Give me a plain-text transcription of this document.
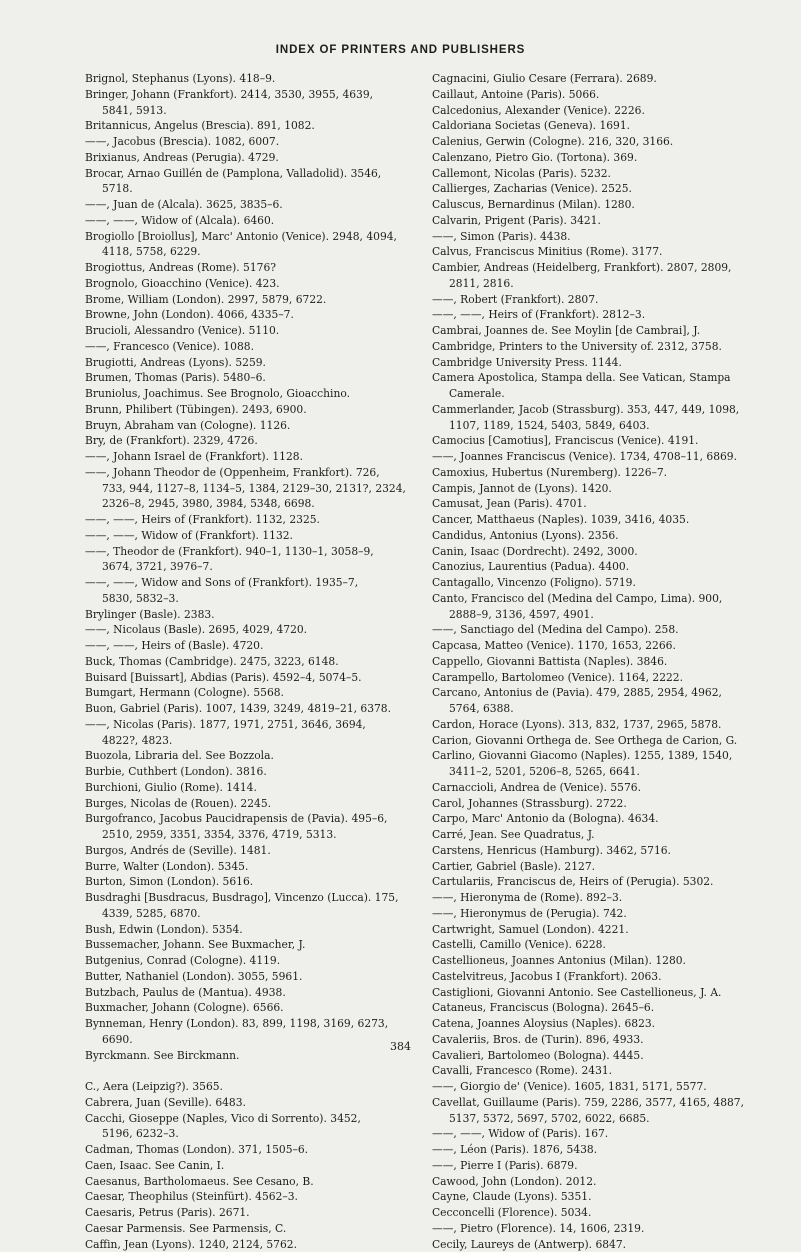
INDEX OF PRINTERS AND PUBLISHERS
Brignol, Stephanus (Lyons). 418–9.
Bringer, Johann (Frankfort). 2414, 3530, 3955, 4639,
5841, 5913.
Britannicus, Angelus (Brescia). 891, 1082.
——, Jacobus (Brescia). 1082, 6007.
Brixianus, Andreas (Perugia). 4729.
Brocar, Arnao Guillén de (Pamplona, Valladolid). 3546,
5718.
——, Juan de (Alcala). 3625, 3835–6.
——, ——, Widow of (Alcala). 6460.
Brogiollo [Broiollus], Marc' Antonio (Venice). 2948, 4094,
4118, 5758, 6229.
Brogiottus, Andreas (Rome). 5176?
Brognolo, Gioacchino (Venice). 423.
Brome, William (London). 2997, 5879, 6722.
Browne, John (London). 4066, 4335–7.
Brucioli, Alessandro (Venice). 5110.
——, Francesco (Venice). 1088.
Brugiotti, Andreas (Lyons). 5259.
Brumen, Thomas (Paris). 5480–6.
Bruniolus, Joachimus. See Brognolo, Gioacchino.
Brunn, Philibert (Tübingen). 2493, 6900.
Bruyn, Abraham van (Cologne). 1126.
Bry, de (Frankfort). 2329, 4726.
——, Johann Israel de (Frankfort). 1128.
——, Johann Theodor de (Oppenheim, Frankfort). 726,
733, 944, 1127–8, 1134–5, 1384, 2129–30, 2131?, 2324,
2326–8, 2945, 3980, 3984, 5348, 6698.
——, ——, Heirs of (Frankfort). 1132, 2325.
——, ——, Widow of (Frankfort). 1132.
——, Theodor de (Frankfort). 940–1, 1130–1, 3058–9,
3674, 3721, 3976–7.
——, ——, Widow and Sons of (Frankfort). 1935–7,
5830, 5832–3.
Brylinger (Basle). 2383.
——, Nicolaus (Basle). 2695, 4029, 4720.
——, ——, Heirs of (Basle). 4720.
Buck, Thomas (Cambridge). 2475, 3223, 6148.
Buisard [Buissart], Abdias (Paris). 4592–4, 5074–5.
Bumgart, Hermann (Cologne). 5568.
Buon, Gabriel (Paris). 1007, 1439, 3249, 4819–21, 6378.
——, Nicolas (Paris). 1877, 1971, 2751, 3646, 3694,
4822?, 4823.
Buozola, Libraria del. See Bozzola.
Burbie, Cuthbert (London). 3816.
Burchioni, Giulio (Rome). 1414.
Burges, Nicolas de (Rouen). 2245.
Burgofranco, Jacobus Paucidrapensis de (Pavia). 495–6,
2510, 2959, 3351, 3354, 3376, 4719, 5313.
Burgos, Andrés de (Seville). 1481.
Burre, Walter (London). 5345.
Burton, Simon (London). 5616.
Busdraghi [Busdracus, Busdrago], Vincenzo (Lucca). 175,
4339, 5285, 6870.
Bush, Edwin (London). 5354.
Bussemacher, Johann. See Buxmacher, J.
Butgenius, Conrad (Cologne). 4119.
Butter, Nathaniel (London). 3055, 5961.
Butzbach, Paulus de (Mantua). 4938.
Buxmacher, Johann (Cologne). 6566.
Bynneman, Henry (London). 83, 899, 1198, 3169, 6273,
6690.
Byrckmann. See Birckmann.
C., Aera (Leipzig?). 3565.
Cabrera, Juan (Seville). 6483.
Cacchi, Gioseppe (Naples, Vico di Sorrento). 3452,
5196, 6232–3.
Cadman, Thomas (London). 371, 1505–6.
Caen, Isaac. See Canin, I.
Caesanus, Bartholomaeus. See Cesano, B.
Caesar, Theophilus (Steinfürt). 4562–3.
Caesaris, Petrus (Paris). 2671.
Caesar Parmensis. See Parmensis, C.
Caffin, Jean (Lyons). 1240, 2124, 5762.
Cagnacini, Giulio Cesare (Ferrara). 2689.
Caillaut, Antoine (Paris). 5066.
Calcedonius, Alexander (Venice). 2226.
Caldoriana Societas (Geneva). 1691.
Calenius, Gerwin (Cologne). 216, 320, 3166.
Calenzano, Pietro Gio. (Tortona). 369.
Callemont, Nicolas (Paris). 5232.
Callierges, Zacharias (Venice). 2525.
Caluscus, Bernardinus (Milan). 1280.
Calvarin, Prigent (Paris). 3421.
——, Simon (Paris). 4438.
Calvus, Franciscus Minitius (Rome). 3177.
Cambier, Andreas (Heidelberg, Frankfort). 2807, 2809,
2811, 2816.
——, Robert (Frankfort). 2807.
——, ——, Heirs of (Frankfort). 2812–3.
Cambrai, Joannes de. See Moylin [de Cambrai], J.
Cambridge, Printers to the University of. 2312, 3758.
Cambridge University Press. 1144.
Camera Apostolica, Stampa della. See Vatican, Stampa
Camerale.
Cammerlander, Jacob (Strassburg). 353, 447, 449, 1098,
1107, 1189, 1524, 5403, 5849, 6403.
Camocius [Camotius], Franciscus (Venice). 4191.
——, Joannes Franciscus (Venice). 1734, 4708–11, 6869.
Camoxius, Hubertus (Nuremberg). 1226–7.
Campis, Jannot de (Lyons). 1420.
Camusat, Jean (Paris). 4701.
Cancer, Matthaeus (Naples). 1039, 3416, 4035.
Candidus, Antonius (Lyons). 2356.
Canin, Isaac (Dordrecht). 2492, 3000.
Canozius, Laurentius (Padua). 4400.
Cantagallo, Vincenzo (Foligno). 5719.
Canto, Francisco del (Medina del Campo, Lima). 900,
2888–9, 3136, 4597, 4901.
——, Sanctiago del (Medina del Campo). 258.
Capcasa, Matteo (Venice). 1170, 1653, 2266.
Cappello, Giovanni Battista (Naples). 3846.
Carampello, Bartolomeo (Venice). 1164, 2222.
Carcano, Antonius de (Pavia). 479, 2885, 2954, 4962,
5764, 6388.
Cardon, Horace (Lyons). 313, 832, 1737, 2965, 5878.
Carion, Giovanni Orthega de. See Orthega de Carion, G.
Carlino, Giovanni Giacomo (Naples). 1255, 1389, 1540,
3411–2, 5201, 5206–8, 5265, 6641.
Carnaccioli, Andrea de (Venice). 5576.
Carol, Johannes (Strassburg). 2722.
Carpo, Marc' Antonio da (Bologna). 4634.
Carré, Jean. See Quadratus, J.
Carstens, Henricus (Hamburg). 3462, 5716.
Cartier, Gabriel (Basle). 2127.
Cartulariis, Franciscus de, Heirs of (Perugia). 5302.
——, Hieronyma de (Rome). 892–3.
——, Hieronymus de (Perugia). 742.
Cartwright, Samuel (London). 4221.
Castelli, Camillo (Venice). 6228.
Castellioneus, Joannes Antonius (Milan). 1280.
Castelvitreus, Jacobus I (Frankfort). 2063.
Castiglioni, Giovanni Antonio. See Castellioneus, J. A.
Cataneus, Franciscus (Bologna). 2645–6.
Catena, Joannes Aloysius (Naples). 6823.
Cavaleriis, Bros. de (Turin). 896, 4933.
Cavalieri, Bartolomeo (Bologna). 4445.
Cavalli, Francesco (Rome). 2431.
——, Giorgio de' (Venice). 1605, 1831, 5171, 5577.
Cavellat, Guillaume (Paris). 759, 2286, 3577, 4165, 4887,
5137, 5372, 5697, 5702, 6022, 6685.
——, ——, Widow of (Paris). 167.
——, Léon (Paris). 1876, 5438.
——, Pierre I (Paris). 6879.
Cawood, John (London). 2012.
Cayne, Claude (Lyons). 5351.
Cecconcelli (Florence). 5034.
——, Pietro (Florence). 14, 1606, 2319.
Cecily, Laureys de (Antwerp). 6847.
384
